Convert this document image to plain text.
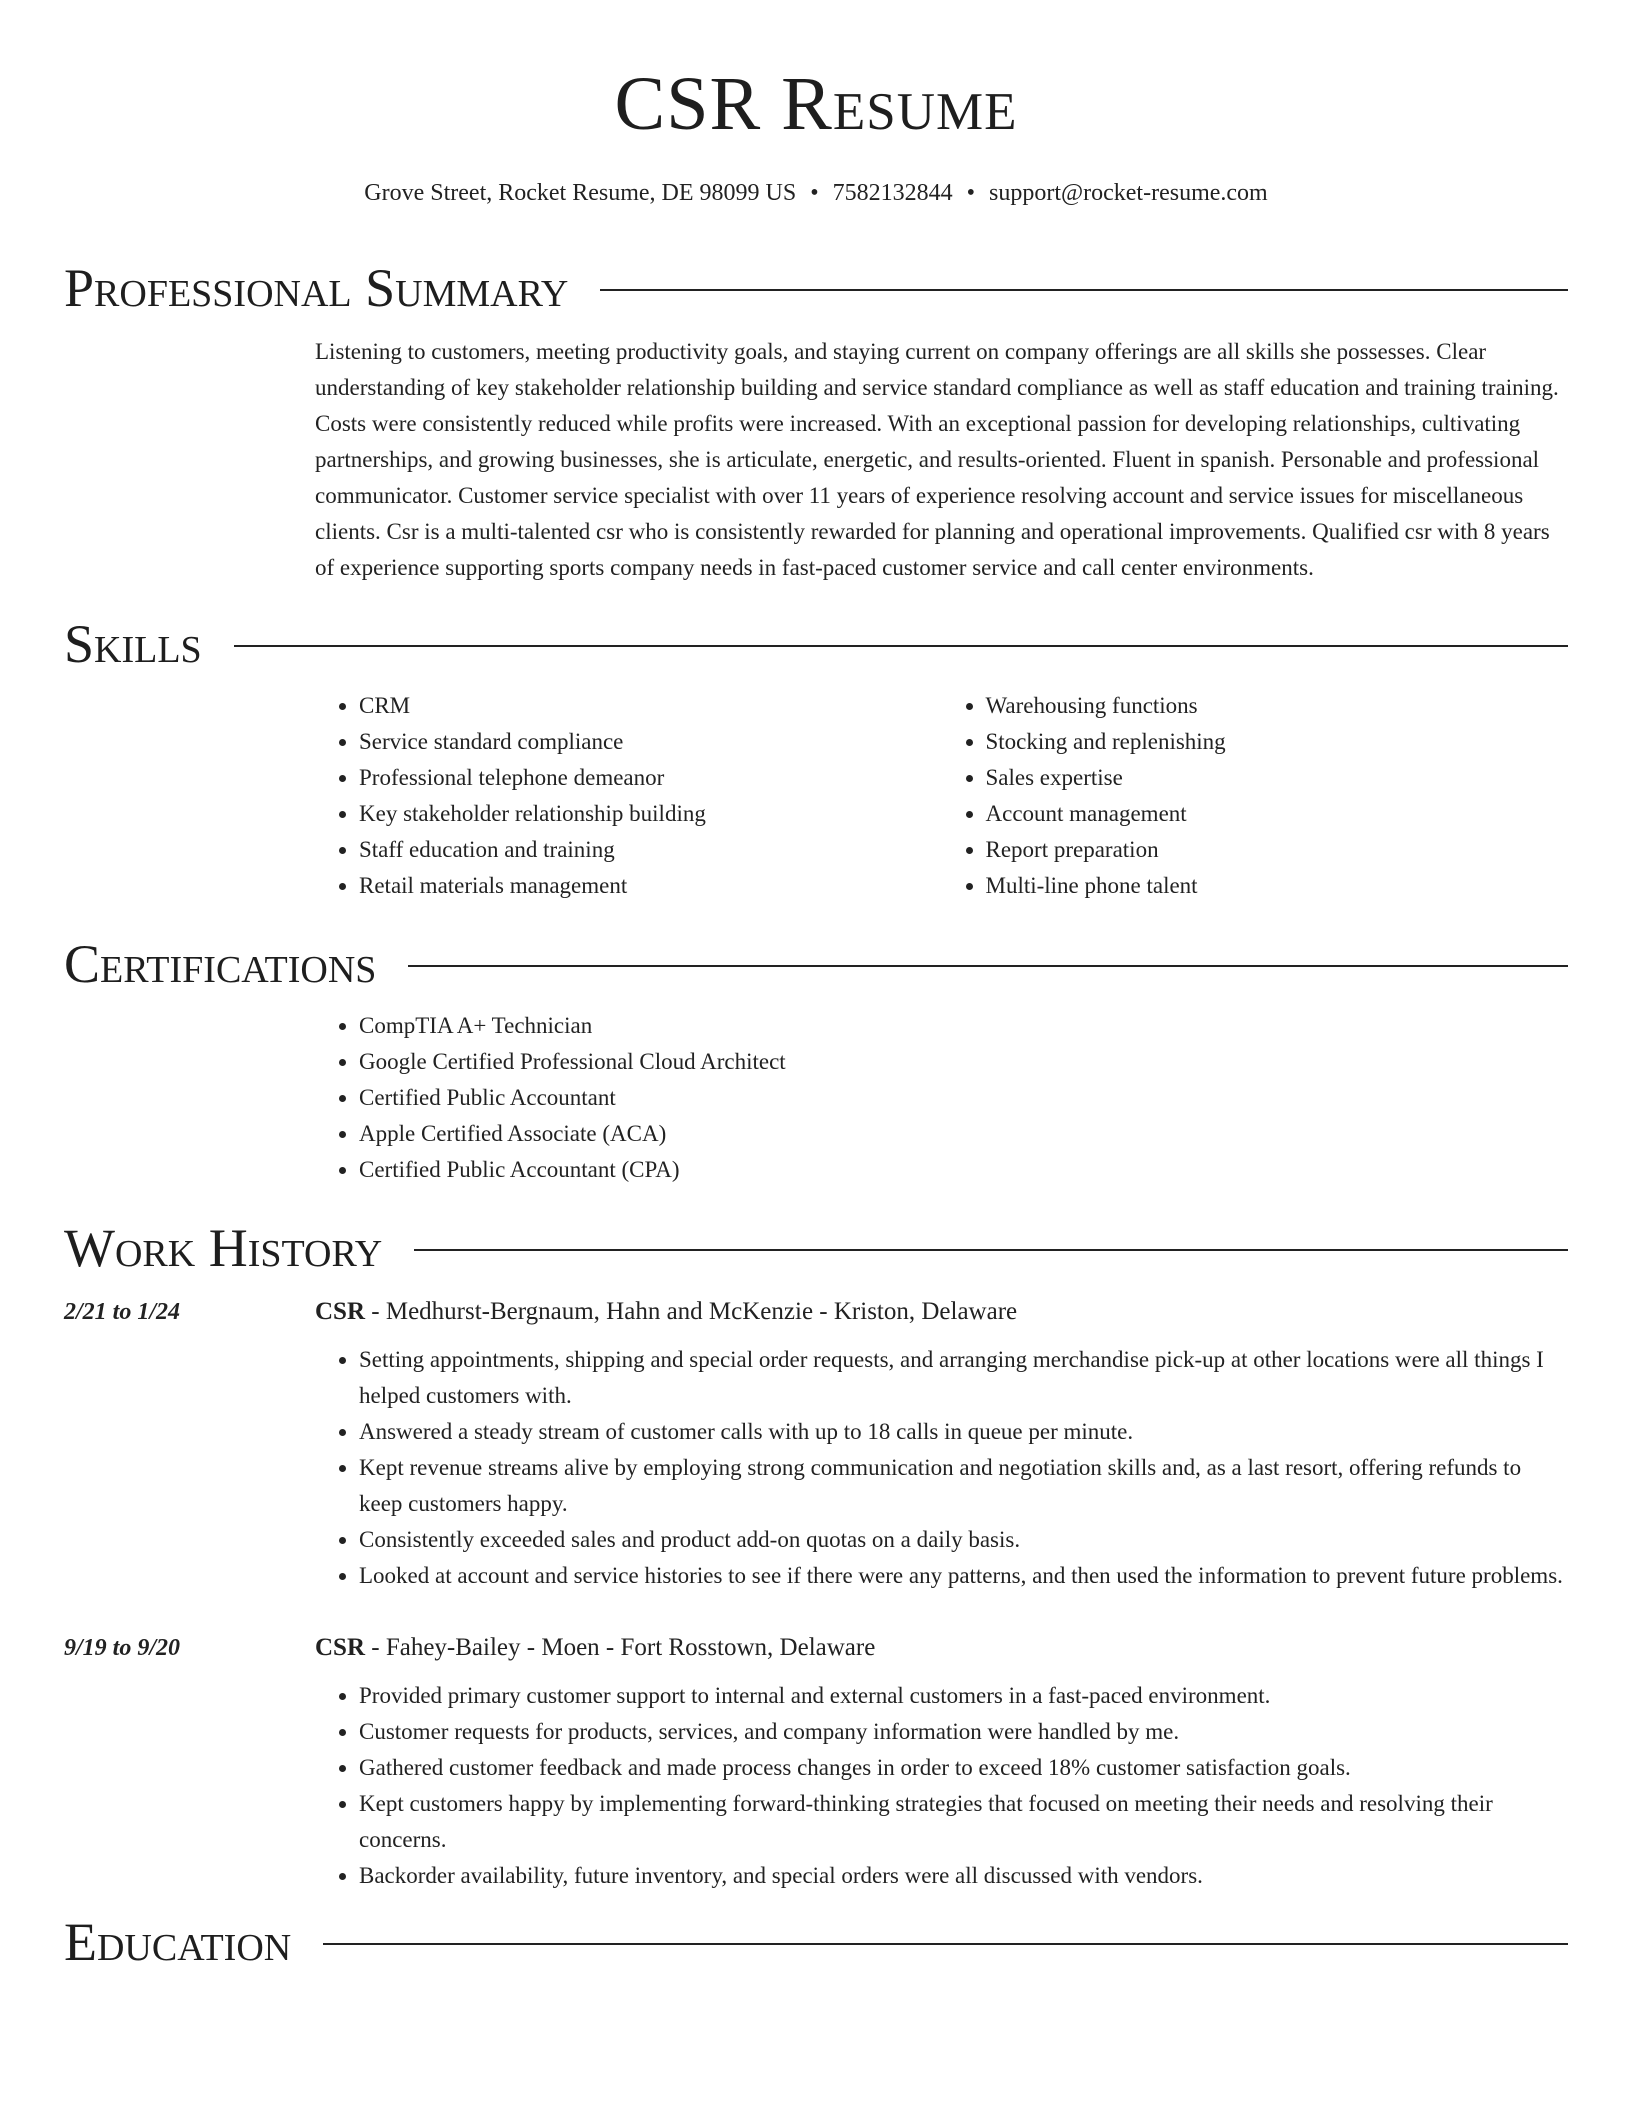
CSR Resume
Grove Street, Rocket Resume, DE 98099 US • 7582132844 • support@rocket-resume.com
Professional Summary
Listening to customers, meeting productivity goals, and staying current on company offerings are all skills she possesses. Clear understanding of key stakeholder relationship building and service standard compliance as well as staff education and training training. Costs were consistently reduced while profits were increased. With an exceptional passion for developing relationships, cultivating partnerships, and growing businesses, she is articulate, energetic, and results-oriented. Fluent in spanish. Personable and professional communicator. Customer service specialist with over 11 years of experience resolving account and service issues for miscellaneous clients. Csr is a multi-talented csr who is consistently rewarded for planning and operational improvements. Qualified csr with 8 years of experience supporting sports company needs in fast-paced customer service and call center environments.
Skills
• CRM
• Service standard compliance
• Professional telephone demeanor
• Key stakeholder relationship building
• Staff education and training
• Retail materials management
• Warehousing functions
• Stocking and replenishing
• Sales expertise
• Account management
• Report preparation
• Multi-line phone talent
Certifications
• CompTIA A+ Technician
• Google Certified Professional Cloud Architect
• Certified Public Accountant
• Apple Certified Associate (ACA)
• Certified Public Accountant (CPA)
Work History
2/21 to 1/24	CSR - Medhurst-Bergnaum, Hahn and McKenzie - Kriston, Delaware
• Setting appointments, shipping and special order requests, and arranging merchandise pick-up at other locations were all things I helped customers with.
• Answered a steady stream of customer calls with up to 18 calls in queue per minute.
• Kept revenue streams alive by employing strong communication and negotiation skills and, as a last resort, offering refunds to keep customers happy.
• Consistently exceeded sales and product add-on quotas on a daily basis.
• Looked at account and service histories to see if there were any patterns, and then used the information to prevent future problems.
9/19 to 9/20	CSR - Fahey-Bailey - Moen - Fort Rosstown, Delaware
• Provided primary customer support to internal and external customers in a fast-paced environment.
• Customer requests for products, services, and company information were handled by me.
• Gathered customer feedback and made process changes in order to exceed 18% customer satisfaction goals.
• Kept customers happy by implementing forward-thinking strategies that focused on meeting their needs and resolving their concerns.
• Backorder availability, future inventory, and special orders were all discussed with vendors.
Education
